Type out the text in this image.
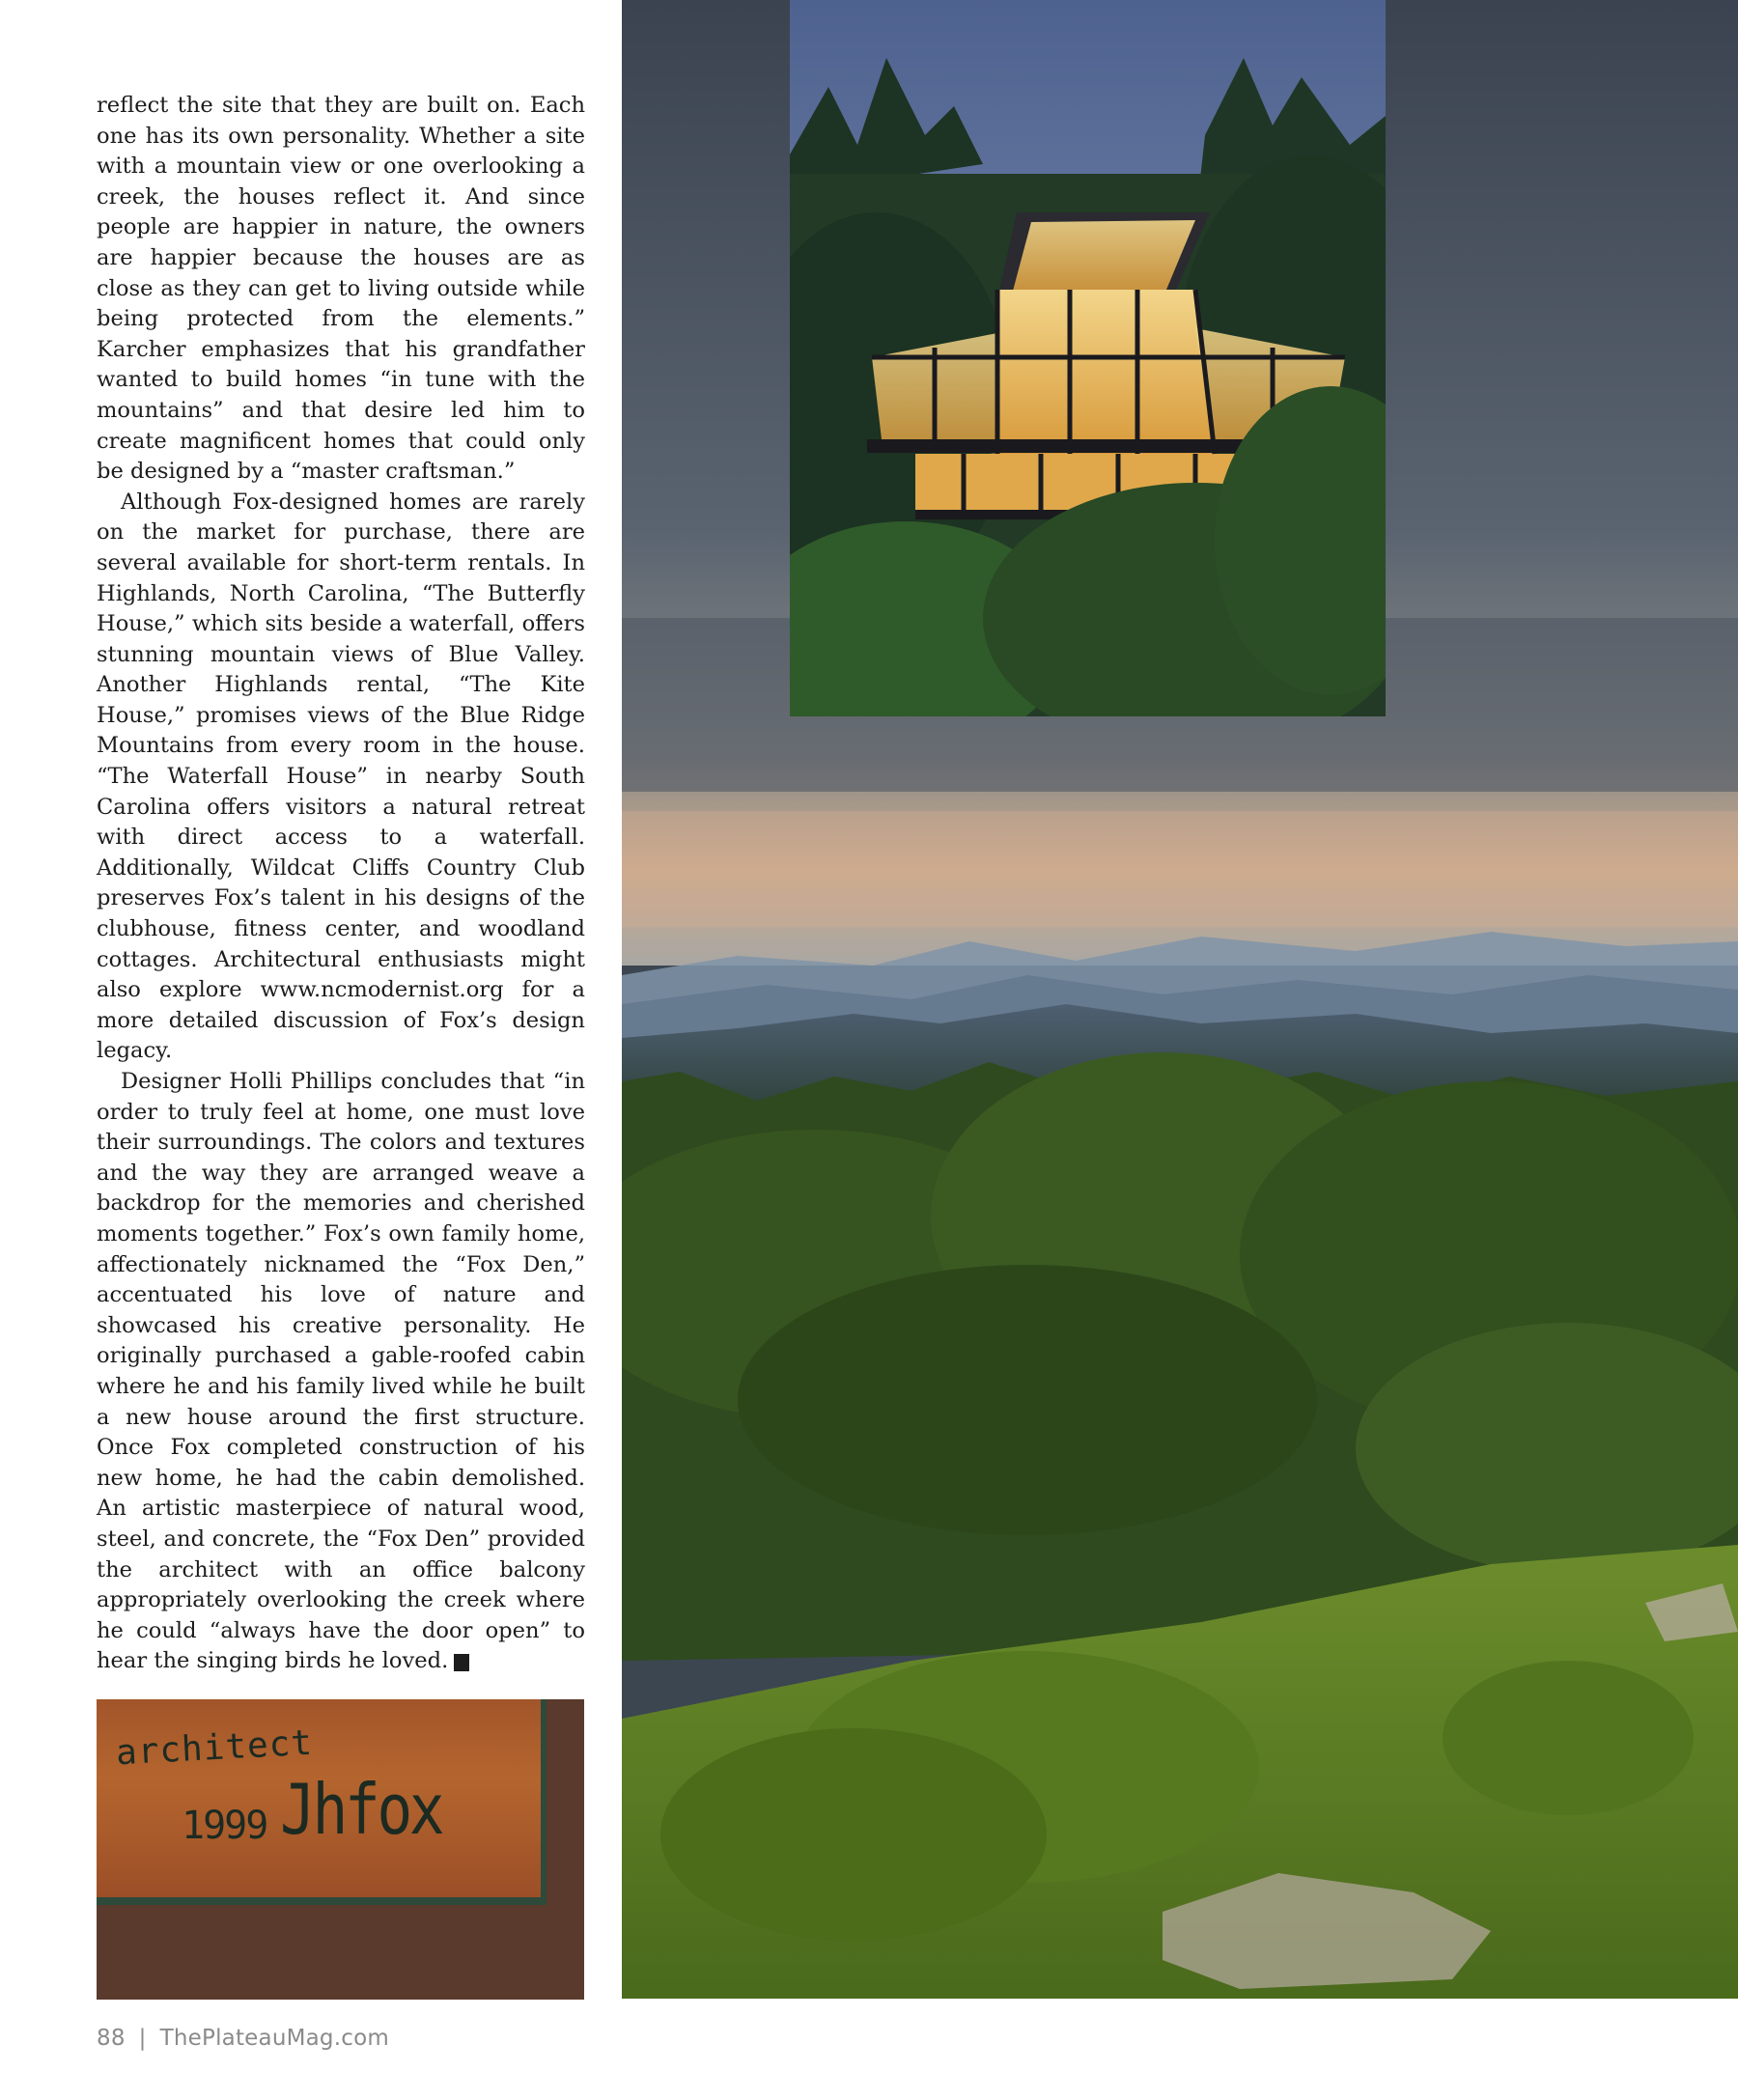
reflect the site that they are built on. Each one has its own personality. Whether a site with a mountain view or one overlooking a creek, the houses reflect it. And since people are happier in nature, the owners are happier because the houses are as close as they can get to living outside while being protected from the elements.” Karcher emphasizes that his grandfather wanted to build homes “in tune with the mountains” and that desire led him to create magnificent homes that could only be designed by a “master craftsman.”

Although Fox-designed homes are rarely on the market for purchase, there are several available for short-term rentals. In Highlands, North Carolina, “The Butterfly House,” which sits beside a waterfall, offers stunning mountain views of Blue Valley. Another Highlands rental, “The Kite House,” promises views of the Blue Ridge Mountains from every room in the house. “The Waterfall House” in nearby South Carolina offers visitors a natural retreat with direct access to a waterfall. Additionally, Wildcat Cliffs Country Club preserves Fox’s talent in his designs of the clubhouse, fitness center, and woodland cottages. Architectural enthusiasts might also explore www.ncmodernist.org for a more detailed discussion of Fox’s design legacy.

Designer Holli Phillips concludes that “in order to truly feel at home, one must love their surroundings. The colors and textures and the way they are arranged weave a backdrop for the memories and cherished moments together.” Fox’s own family home, affectionately nicknamed the “Fox Den,” accentuated his love of nature and showcased his creative personality. He originally purchased a gable-roofed cabin where he and his family lived while he built a new house around the first structure. Once Fox completed construction of his new home, he had the cabin demolished. An artistic masterpiece of natural wood, steel, and concrete, the “Fox Den” provided the architect with an office balcony appropriately overlooking the creek where he could “always have the door open” to hear the singing birds he loved.	P

architect
1999 Jhfox
88 | ThePlateauMag.com
